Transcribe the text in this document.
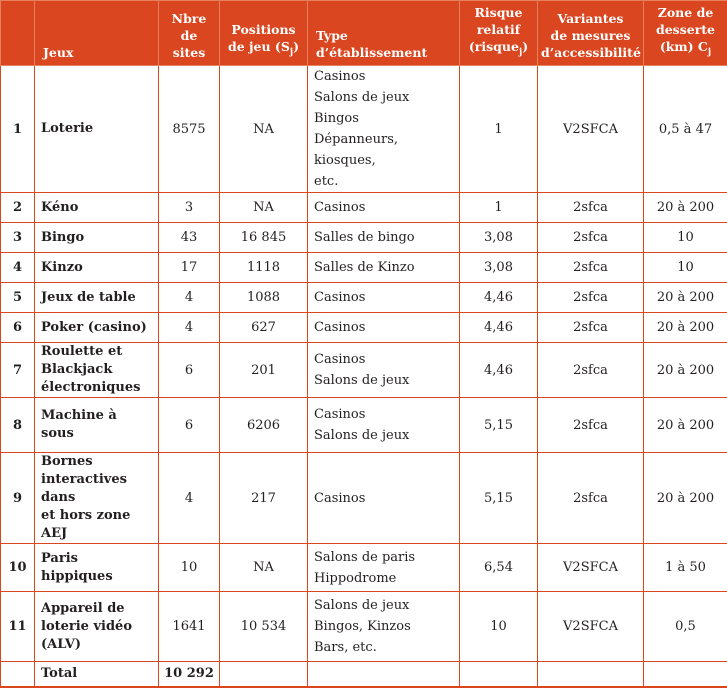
	Jeux	Nbre
de
sites	Positions
de jeu $(S_j)$	Type d’établissement	Risque
relatif
(risque$_j$)	Variantes
de mesures
d’accessibilité	Zone de
desserte
(km) $C_j$

1	Loterie	8575	NA	Casinos
Salons de jeux
Bingos
Dépanneurs, kiosques,
etc.	1	V2SFCA	0,5 à 47
2	Kéno	3	NA	Casinos	1	2sfca	20 à 200
3	Bingo	43	16 845	Salles de bingo	3,08	2sfca	10
4	Kinzo	17	1118	Salles de Kinzo	3,08	2sfca	10
5	Jeux de table	4	1088	Casinos	4,46	2sfca	20 à 200
6	Poker (casino)	4	627	Casinos	4,46	2sfca	20 à 200
7	Roulette et
Blackjack
électroniques	6	201	Casinos
Salons de jeux	4,46	2sfca	20 à 200
8	Machine à sous	6	6206	Casinos
Salons de jeux	5,15	2sfca	20 à 200
9	Bornes
interactives dans
et hors zone AEJ	4	217	Casinos	5,15	2sfca	20 à 200
10	Paris hippiques	10	NA	Salons de paris
Hippodrome	6,54	V2SFCA	1 à 50
11	Appareil de
loterie vidéo
(ALV)	1641	10 534	Salons de jeux
Bingos, Kinzos
Bars, etc.	10	V2SFCA	0,5
	Total	10 292					
